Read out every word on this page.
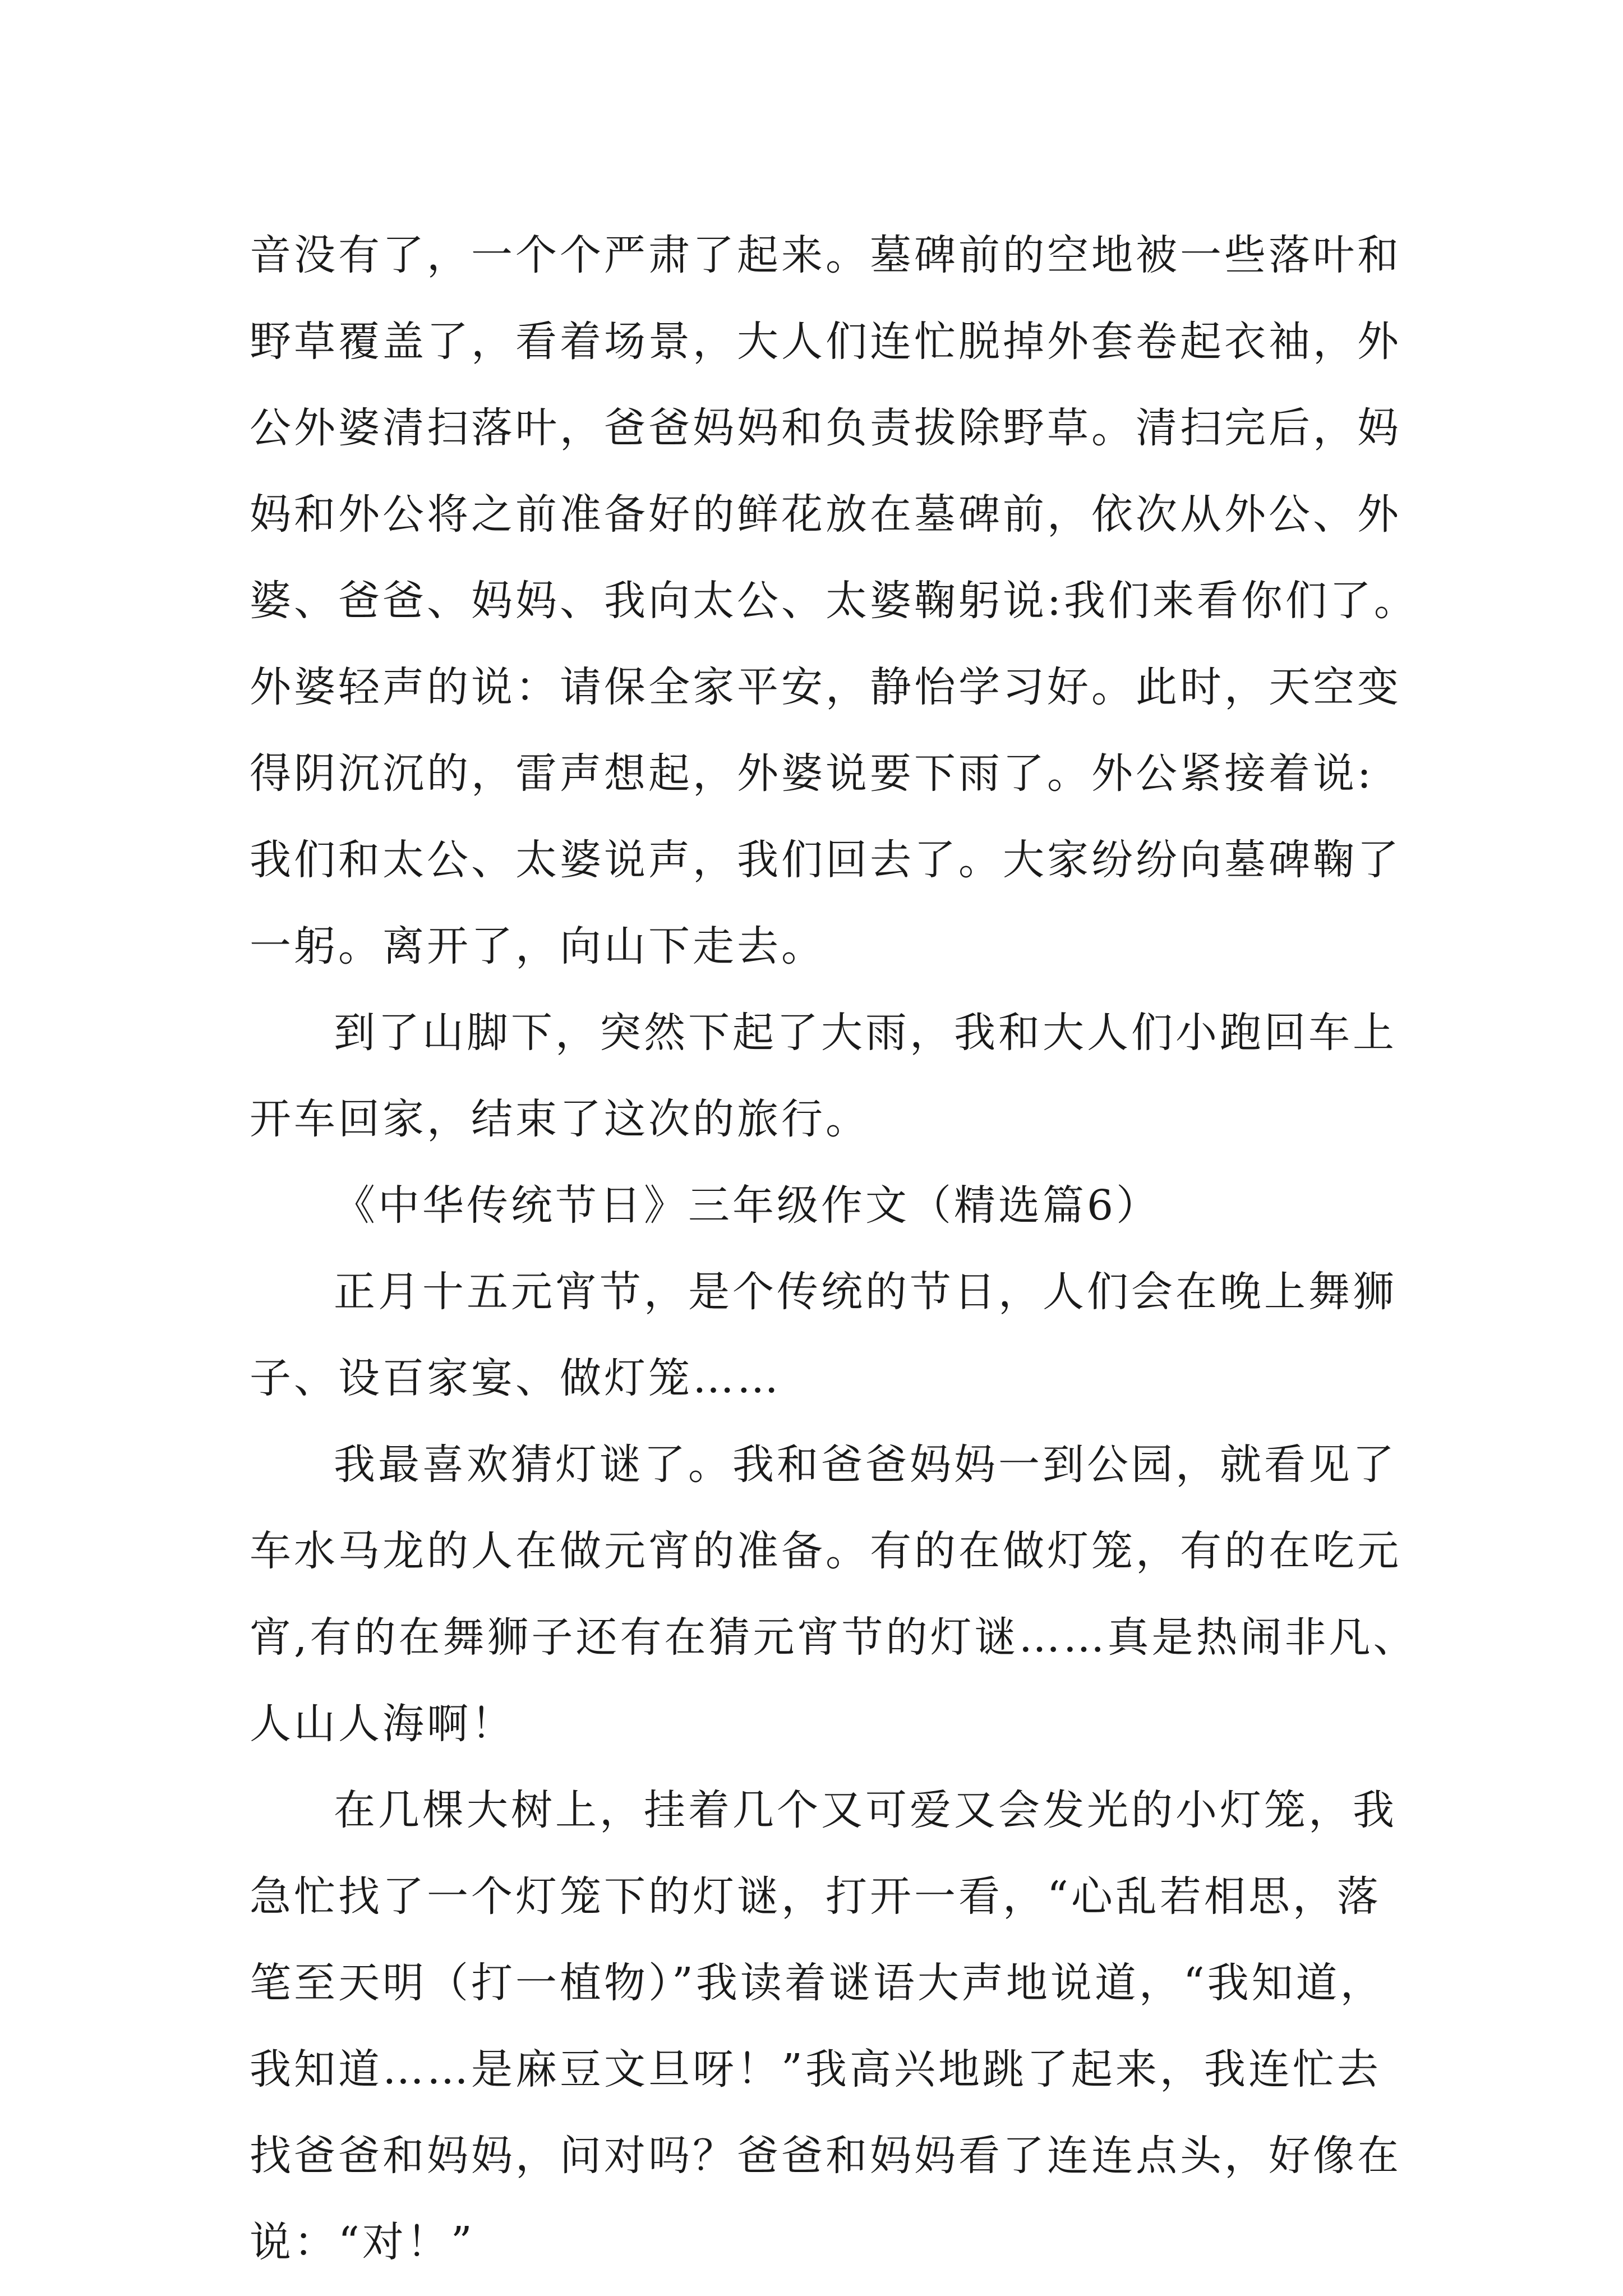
音没有了，一个个严肃了起来。墓碑前的空地被一些落叶和
野草覆盖了，看着场景，大人们连忙脱掉外套卷起衣袖，外
公外婆清扫落叶，爸爸妈妈和负责拔除野草。清扫完后，妈
妈和外公将之前准备好的鲜花放在墓碑前，依次从外公、外
婆、爸爸、妈妈、我向太公、太婆鞠躬说:我们来看你们了。
外婆轻声的说：请保全家平安，静怡学习好。此时，天空变
得阴沉沉的，雷声想起，外婆说要下雨了。外公紧接着说:
我们和太公、太婆说声，我们回去了。大家纷纷向墓碑鞠了
一躬。离开了，向山下走去。
到了山脚下，突然下起了大雨，我和大人们小跑回车上
开车回家，结束了这次的旅行。
《中华传统节日》三年级作文（精选篇6）
正月十五元宵节，是个传统的节日，人们会在晚上舞狮
子、设百家宴、做灯笼……
我最喜欢猜灯谜了。我和爸爸妈妈一到公园，就看见了
车水马龙的人在做元宵的准备。有的在做灯笼，有的在吃元
宵,有的在舞狮子还有在猜元宵节的灯谜……真是热闹非凡、
人山人海啊！
在几棵大树上，挂着几个又可爱又会发光的小灯笼，我
急忙找了一个灯笼下的灯谜，打开一看，“心乱若相思，落
笔至天明（打一植物）”我读着谜语大声地说道，“我知道，
我知道……是麻豆文旦呀！”我高兴地跳了起来，我连忙去
找爸爸和妈妈，问对吗？爸爸和妈妈看了连连点头，好像在
说：“对！”
